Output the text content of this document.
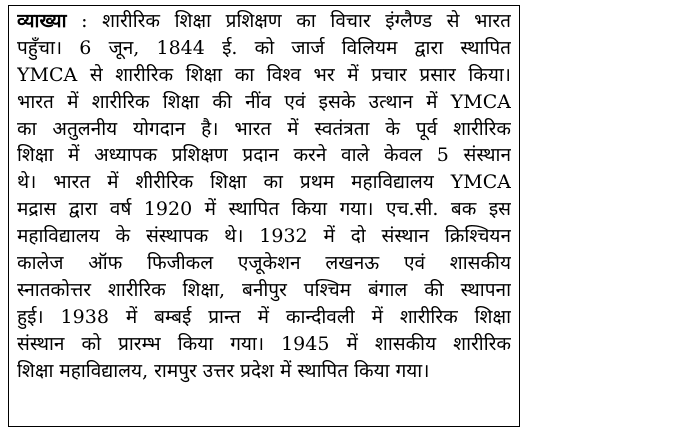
व्याख्या : शारीरिक शिक्षा प्रशिक्षण का विचार इंग्लैण्ड से भारत
पहुँचा। 6 जून, 1844 ई. को जार्ज विलियम द्वारा स्थापित
YMCA से शारीरिक शिक्षा का विश्व भर में प्रचार प्रसार किया।
भारत में शारीरिक शिक्षा की नींव एवं इसके उत्थान में YMCA
का अतुलनीय योगदान है। भारत में स्वतंत्रता के पूर्व शारीरिक
शिक्षा में अध्यापक प्रशिक्षण प्रदान करने वाले केवल 5 संस्थान
थे। भारत में शीरीरिक शिक्षा का प्रथम महाविद्यालय YMCA
मद्रास द्वारा वर्ष 1920 में स्थापित किया गया। एच.सी. बक इस
महाविद्यालय के संस्थापक थे। 1932 में दो संस्थान क्रिश्चियन
कालेज ऑफ फिजीकल एजूकेशन लखनऊ एवं शासकीय
स्नातकोत्तर शारीरिक शिक्षा, बनीपुर पश्चिम बंगाल की स्थापना
हुई। 1938 में बम्बई प्रान्त में कान्दीवली में शारीरिक शिक्षा
संस्थान को प्रारम्भ किया गया। 1945 में शासकीय शारीरिक
शिक्षा महाविद्यालय, रामपुर उत्तर प्रदेश में स्थापित किया गया।
